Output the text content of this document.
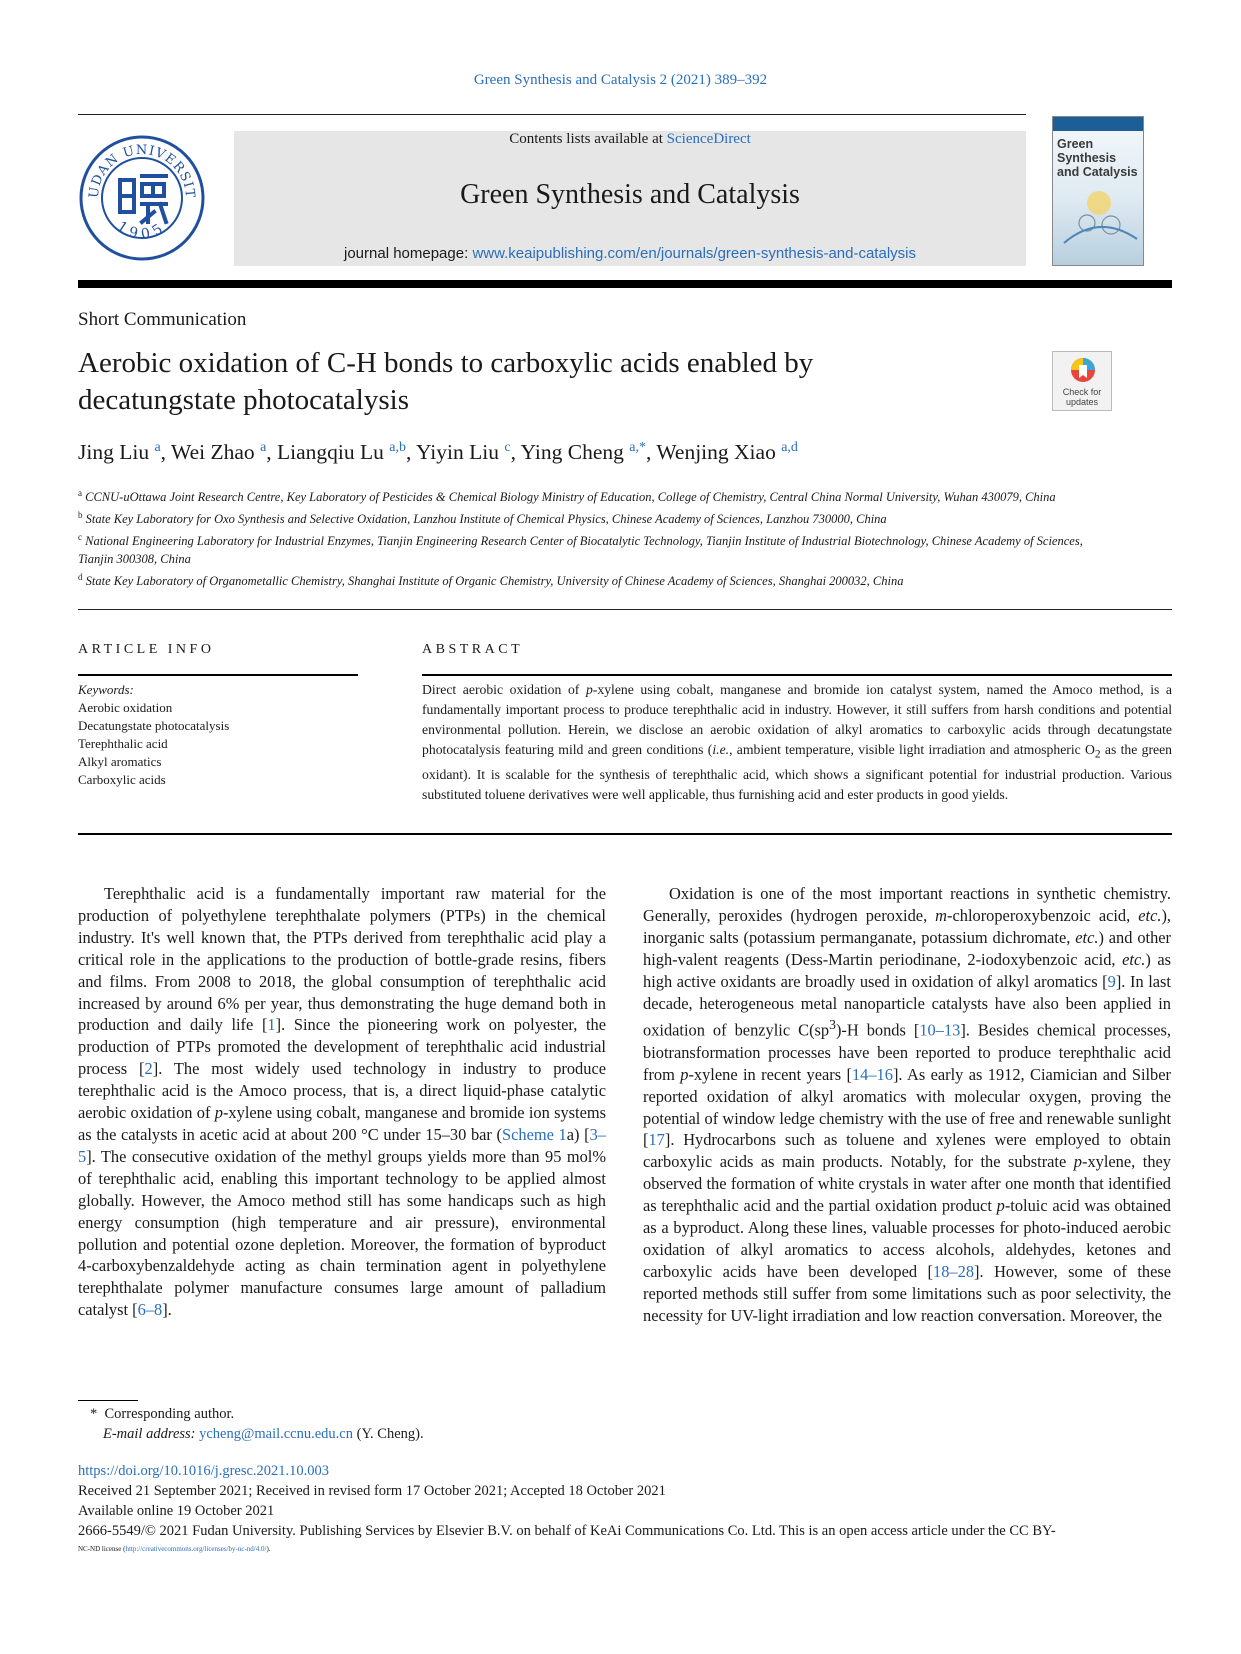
Green Synthesis and Catalysis 2 (2021) 389–392
UDAN UNIVERSIT
1905
Contents lists available at ScienceDirect
Green Synthesis and Catalysis
journal homepage: www.keaipublishing.com/en/journals/green-synthesis-and-catalysis
Green Synthesis
and Catalysis
Short Communication
Aerobic oxidation of C-H bonds to carboxylic acids enabled by decatungstate photocatalysis	Check for updates
Jing Liu $^a$, Wei Zhao $^a$, Liangqiu Lu $^{a,b}$, Yiyin Liu $^c$, Ying Cheng $^{a,*}$, Wenjing Xiao $^{a,d}$
$^a$ CCNU-uOttawa Joint Research Centre, Key Laboratory of Pesticides & Chemical Biology Ministry of Education, College of Chemistry, Central China Normal University, Wuhan 430079, China
$^b$ State Key Laboratory for Oxo Synthesis and Selective Oxidation, Lanzhou Institute of Chemical Physics, Chinese Academy of Sciences, Lanzhou 730000, China
$^c$ National Engineering Laboratory for Industrial Enzymes, Tianjin Engineering Research Center of Biocatalytic Technology, Tianjin Institute of Industrial Biotechnology, Chinese Academy of Sciences, Tianjin 300308, China
$^d$ State Key Laboratory of Organometallic Chemistry, Shanghai Institute of Organic Chemistry, University of Chinese Academy of Sciences, Shanghai 200032, China
ARTICLE INFO
Keywords:
Aerobic oxidation
Decatungstate photocatalysis
Terephthalic acid
Alkyl aromatics
Carboxylic acids
ABSTRACT
Direct aerobic oxidation of p-xylene using cobalt, manganese and bromide ion catalyst system, named the Amoco method, is a fundamentally important process to produce terephthalic acid in industry. However, it still suffers from harsh conditions and potential environmental pollution. Herein, we disclose an aerobic oxidation of alkyl aromatics to carboxylic acids through decatungstate photocatalysis featuring mild and green conditions (i.e., ambient temperature, visible light irradiation and atmospheric $O_2$ as the green oxidant). It is scalable for the synthesis of terephthalic acid, which shows a significant potential for industrial production. Various substituted toluene derivatives were well applicable, thus furnishing acid and ester products in good yields.
Terephthalic acid is a fundamentally important raw material for the production of polyethylene terephthalate polymers (PTPs) in the chemical industry. It's well known that, the PTPs derived from terephthalic acid play a critical role in the applications to the production of bottle-grade resins, fibers and films. From 2008 to 2018, the global consumption of terephthalic acid increased by around 6% per year, thus demonstrating the huge demand both in production and daily life [1]. Since the pioneering work on polyester, the production of PTPs promoted the development of terephthalic acid industrial process [2]. The most widely used technology in industry to produce terephthalic acid is the Amoco process, that is, a direct liquid-phase catalytic aerobic oxidation of p-xylene using cobalt, manganese and bromide ion systems as the catalysts in acetic acid at about 200 °C under 15–30 bar (Scheme 1a) [3–5]. The consecutive oxidation of the methyl groups yields more than 95 mol% of terephthalic acid, enabling this important technology to be applied almost globally. However, the Amoco method still has some handicaps such as high energy consumption (high temperature and air pressure), environmental pollution and potential ozone depletion. Moreover, the formation of byproduct 4-carboxybenzaldehyde acting as chain termination agent in polyethylene terephthalate polymer manufacture consumes large amount of palladium catalyst [6–8].
Oxidation is one of the most important reactions in synthetic chemistry. Generally, peroxides (hydrogen peroxide, m-chloroperoxybenzoic acid, etc.), inorganic salts (potassium permanganate, potassium dichromate, etc.) and other high-valent reagents (Dess-Martin periodinane, 2-iodoxybenzoic acid, etc.) as high active oxidants are broadly used in oxidation of alkyl aromatics [9]. In last decade, heterogeneous metal nanoparticle catalysts have also been applied in oxidation of benzylic $C(sp^3)-H$ bonds [10–13]. Besides chemical processes, biotransformation processes have been reported to produce terephthalic acid from p-xylene in recent years [14–16]. As early as 1912, Ciamician and Silber reported oxidation of alkyl aromatics with molecular oxygen, proving the potential of window ledge chemistry with the use of free and renewable sunlight [17]. Hydrocarbons such as toluene and xylenes were employed to obtain carboxylic acids as main products. Notably, for the substrate p-xylene, they observed the formation of white crystals in water after one month that identified as terephthalic acid and the partial oxidation product p-toluic acid was obtained as a byproduct. Along these lines, valuable processes for photo-induced aerobic oxidation of alkyl aromatics to access alcohols, aldehydes, ketones and carboxylic acids have been developed [18–28]. However, some of these reported methods still suffer from some limitations such as poor selectivity, the necessity for UV-light irradiation and low reaction conversation. Moreover, the
* Corresponding author.
E-mail address: ycheng@mail.ccnu.edu.cn (Y. Cheng).
https://doi.org/10.1016/j.gresc.2021.10.003
Received 21 September 2021; Received in revised form 17 October 2021; Accepted 18 October 2021
Available online 19 October 2021
2666-5549/© 2021 Fudan University. Publishing Services by Elsevier B.V. on behalf of KeAi Communications Co. Ltd. This is an open access article under the CC BY-
NC-ND license (http://creativecommons.org/licenses/by-nc-nd/4.0/).
